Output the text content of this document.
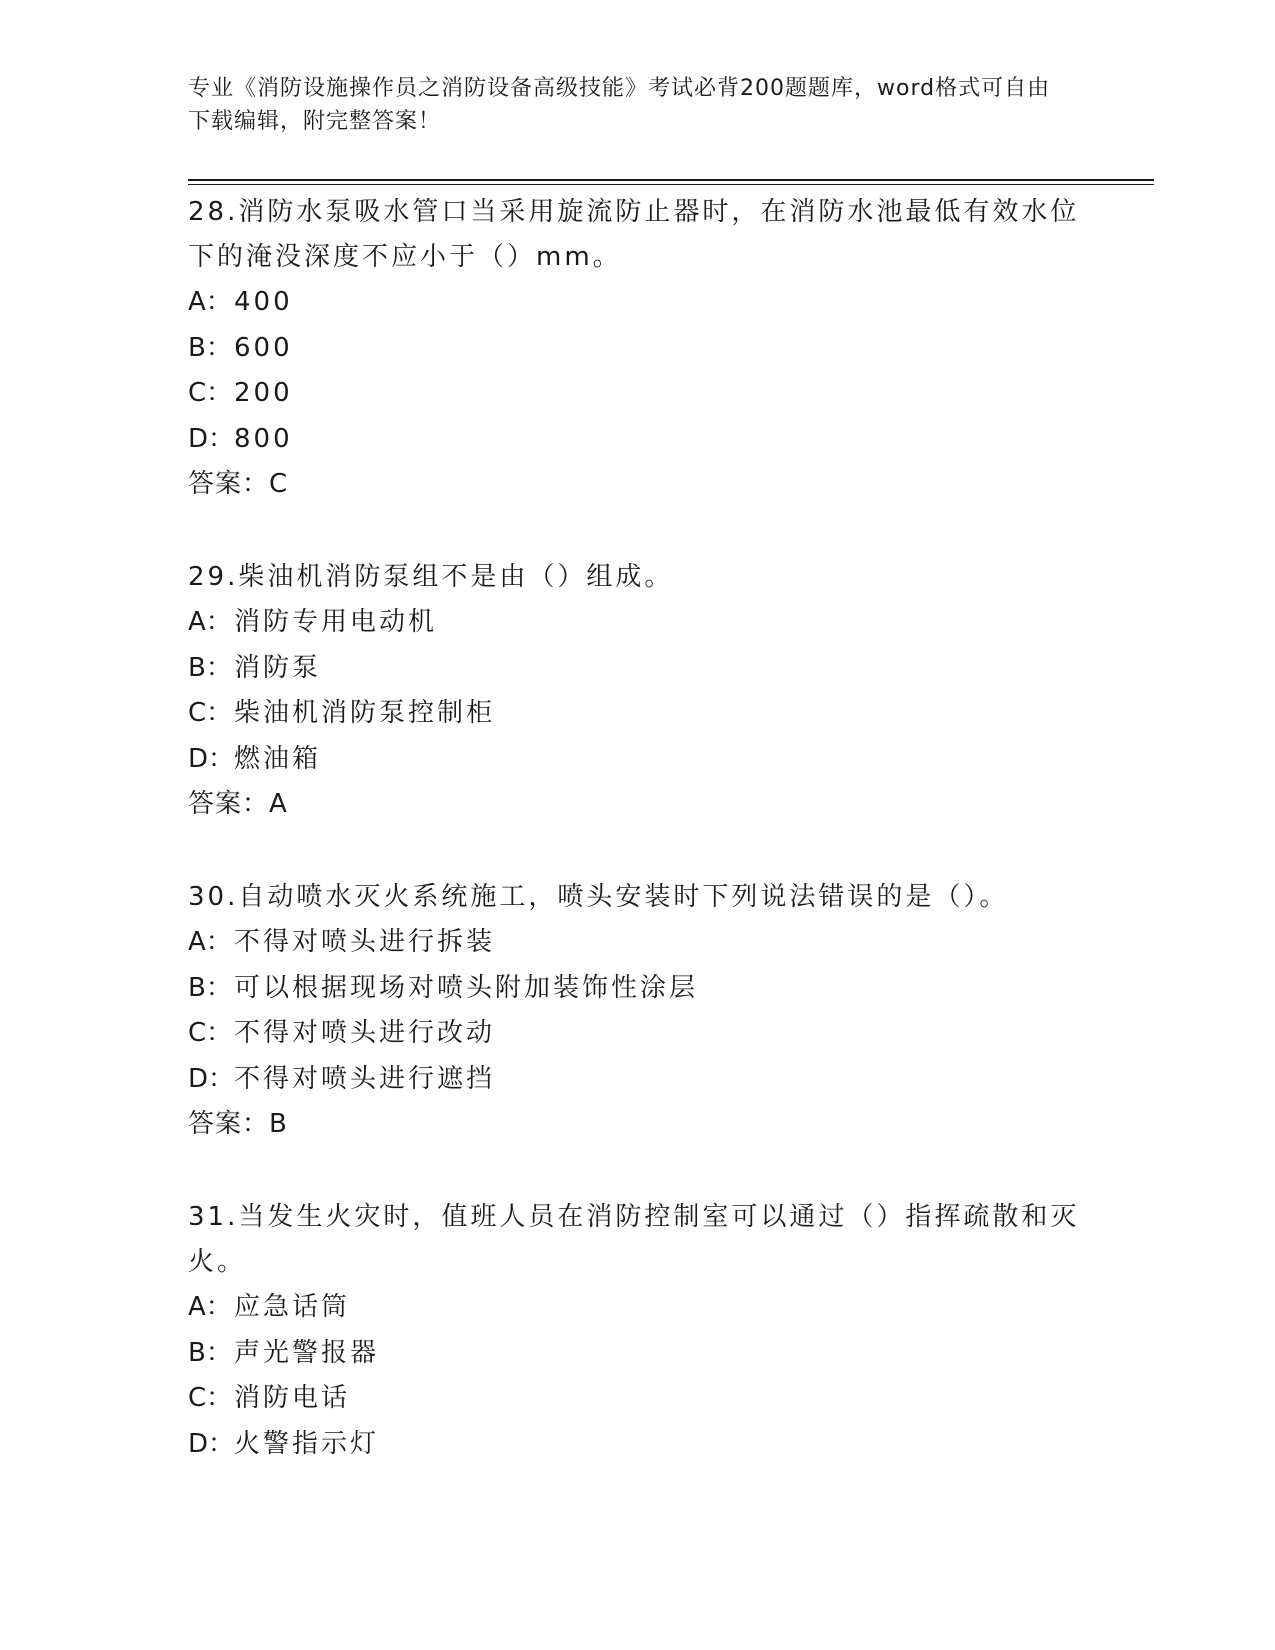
专业《消防设施操作员之消防设备高级技能》考试必背200题题库，word格式可自由下载编辑，附完整答案！

28.消防水泵吸水管口当采用旋流防止器时，在消防水池最低有效水位下的淹没深度不应小于（）mm。

A：400
B：600
C：200
D：800
答案：C

29.柴油机消防泵组不是由（）组成。

A：消防专用电动机
B：消防泵
C：柴油机消防泵控制柜
D：燃油箱
答案：A

30.自动喷水灭火系统施工，喷头安装时下列说法错误的是（）。

A：不得对喷头进行拆装
B：可以根据现场对喷头附加装饰性涂层
C：不得对喷头进行改动
D：不得对喷头进行遮挡
答案：B

31.当发生火灾时，值班人员在消防控制室可以通过（）指挥疏散和灭火。

A：应急话筒
B：声光警报器
C：消防电话
D：火警指示灯
